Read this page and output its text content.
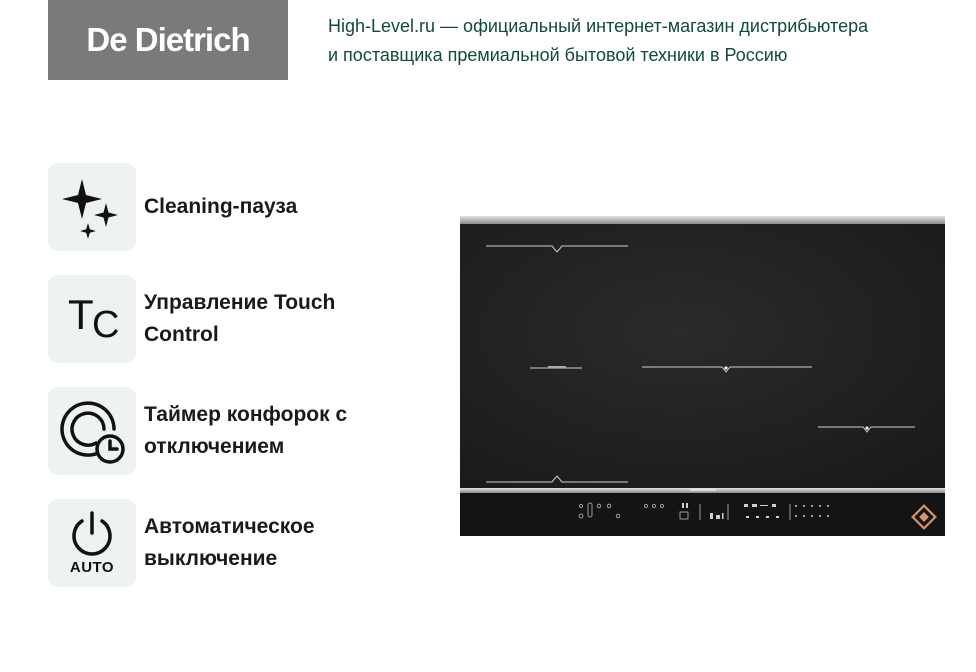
De Dietrich	High-Level.ru — официальный интернет-магазин дистрибьютера
и поставщика премиальной бытовой техники в Россию
Cleaning-пауза
T
C
Управление Touch
Control
Таймер конфорок с
отключением
AUTO
Автоматическое
выключение
